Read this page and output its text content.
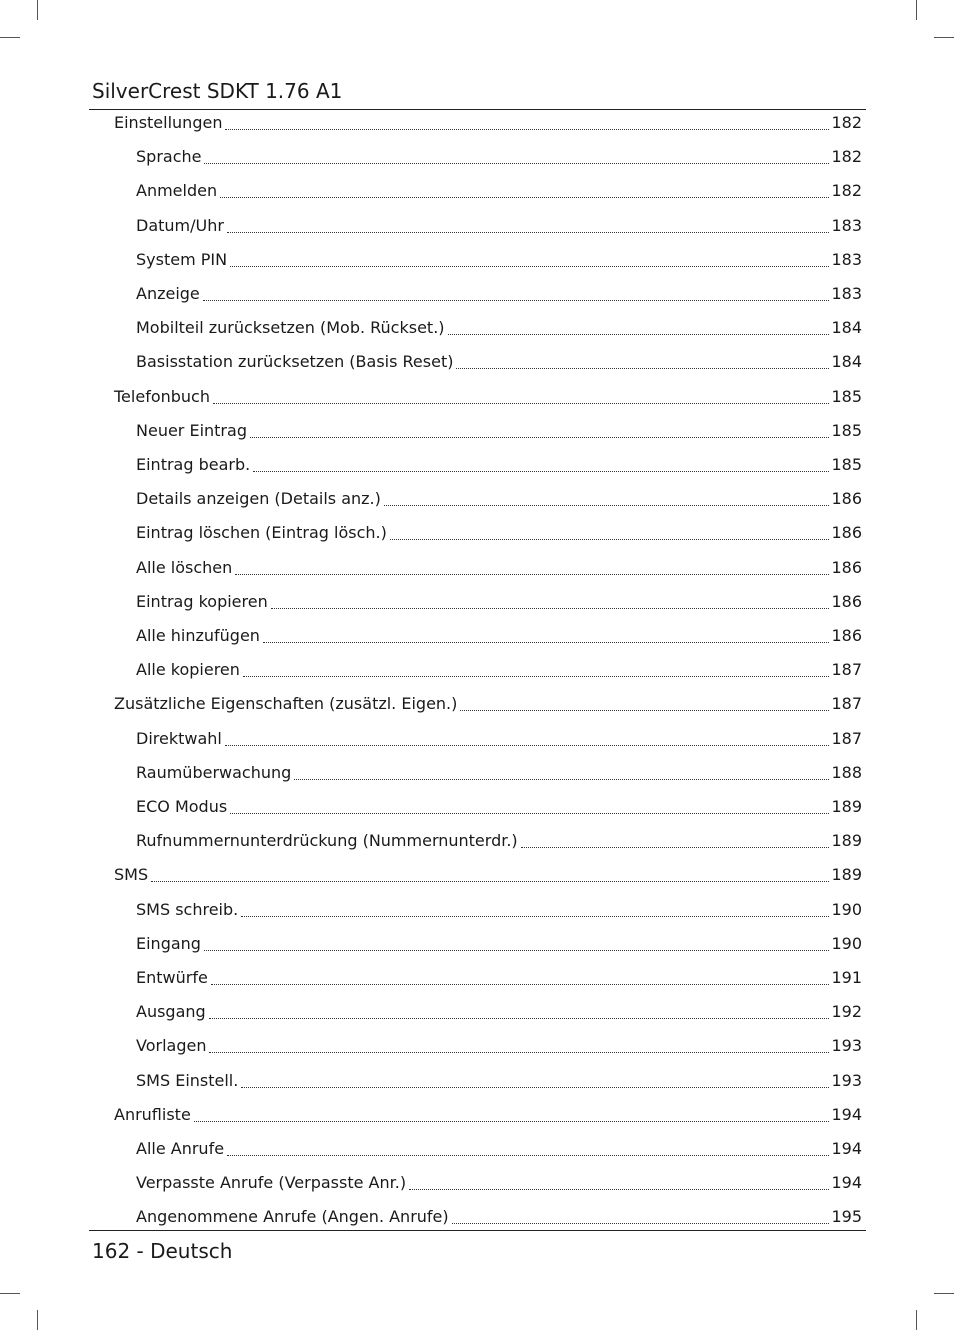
SilverCrest SDKT 1.76 A1
Einstellungen	182
Sprache	182
Anmelden	182
Datum/Uhr	183
System PIN	183
Anzeige	183
Mobilteil zurücksetzen (Mob. Rückset.)	184
Basisstation zurücksetzen (Basis Reset)	184
Telefonbuch	185
Neuer Eintrag	185
Eintrag bearb.	185
Details anzeigen (Details anz.)	186
Eintrag löschen (Eintrag lösch.)	186
Alle löschen	186
Eintrag kopieren	186
Alle hinzufügen	186
Alle kopieren	187
Zusätzliche Eigenschaften (zusätzl. Eigen.)	187
Direktwahl	187
Raumüberwachung	188
ECO Modus	189
Rufnummernunterdrückung (Nummernunterdr.)	189
SMS	189
SMS schreib.	190
Eingang	190
Entwürfe	191
Ausgang	192
Vorlagen	193
SMS Einstell.	193
Anrufliste	194
Alle Anrufe	194
Verpasste Anrufe (Verpasste Anr.)	194
Angenommene Anrufe (Angen. Anrufe)	195
162 - Deutsch
